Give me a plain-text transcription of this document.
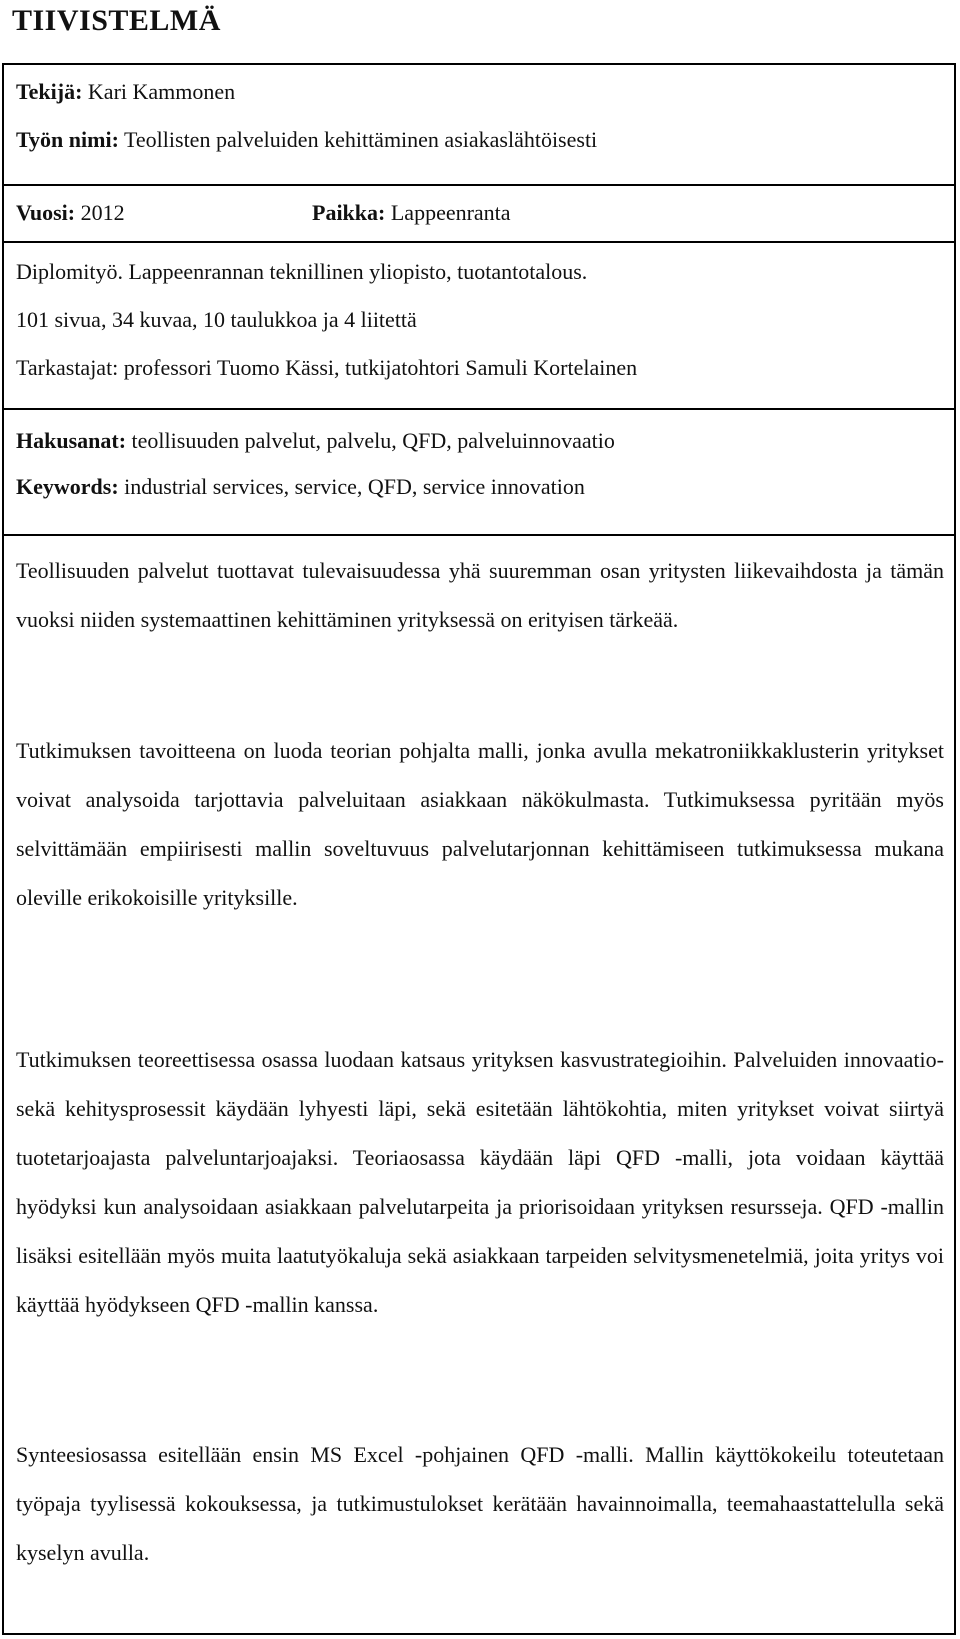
TIIVISTELMÄ
Tekijä: Kari Kammonen
Työn nimi: Teollisten palveluiden kehittäminen asiakaslähtöisesti
Vuosi: 2012	Paikka: Lappeenranta
Diplomityö. Lappeenrannan teknillinen yliopisto, tuotantotalous.
101 sivua, 34 kuvaa, 10 taulukkoa ja 4 liitettä
Tarkastajat: professori Tuomo Kässi, tutkijatohtori Samuli Kortelainen
Hakusanat: teollisuuden palvelut, palvelu, QFD, palveluinnovaatio
Keywords: industrial services, service, QFD, service innovation

Teollisuuden palvelut tuottavat tulevaisuudessa yhä suuremman osan yritysten liikevaihdosta ja tämän vuoksi niiden systemaattinen kehittäminen yrityksessä on erityisen tärkeää.

Tutkimuksen tavoitteena on luoda teorian pohjalta malli, jonka avulla mekatroniikkaklusterin yritykset voivat analysoida tarjottavia palveluitaan asiakkaan näkökulmasta. Tutkimuksessa pyritään myös selvittämään empiirisesti mallin soveltuvuus palvelutarjonnan kehittämiseen tutkimuksessa mukana oleville erikokoisille yrityksille.

Tutkimuksen teoreettisessa osassa luodaan katsaus yrityksen kasvustrategioihin. Palveluiden innovaatio- sekä kehitysprosessit käydään lyhyesti läpi, sekä esitetään lähtökohtia, miten yritykset voivat siirtyä tuotetarjoajasta palveluntarjoajaksi. Teoriaosassa käydään läpi QFD -malli, jota voidaan käyttää hyödyksi kun analysoidaan asiakkaan palvelutarpeita ja priorisoidaan yrityksen resursseja. QFD -mallin lisäksi esitellään myös muita laatutyökaluja sekä asiakkaan tarpeiden selvitysmenetelmiä, joita yritys voi käyttää hyödykseen QFD -mallin kanssa.

Synteesiosassa esitellään ensin MS Excel -pohjainen QFD -malli. Mallin käyttökokeilu toteutetaan työpaja tyylisessä kokouksessa, ja tutkimustulokset kerätään havainnoimalla, teemahaastattelulla sekä kyselyn avulla.
